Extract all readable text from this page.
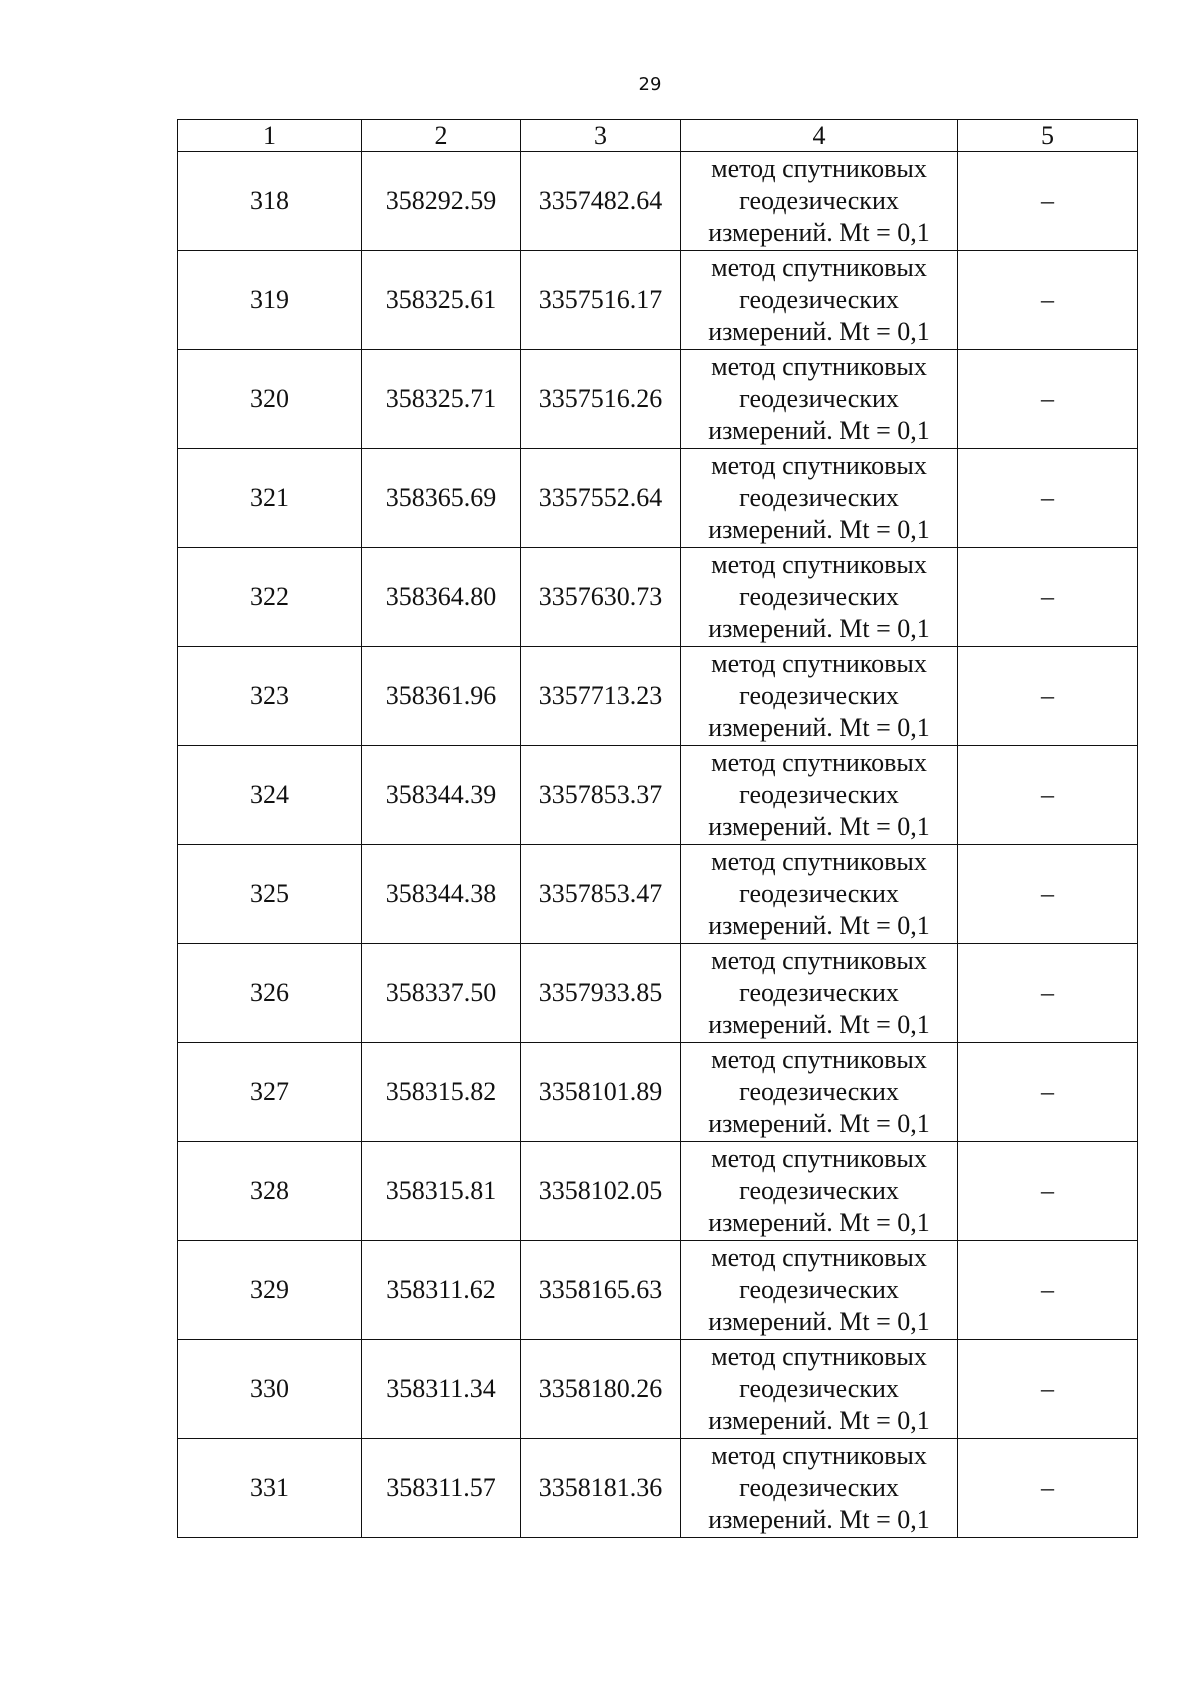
29
1	2	3	4	5
318	358292.59	3357482.64	метод спутниковых
геодезических
измерений. Mt = 0,1	–
319	358325.61	3357516.17	метод спутниковых
геодезических
измерений. Mt = 0,1	–
320	358325.71	3357516.26	метод спутниковых
геодезических
измерений. Mt = 0,1	–
321	358365.69	3357552.64	метод спутниковых
геодезических
измерений. Mt = 0,1	–
322	358364.80	3357630.73	метод спутниковых
геодезических
измерений. Mt = 0,1	–
323	358361.96	3357713.23	метод спутниковых
геодезических
измерений. Mt = 0,1	–
324	358344.39	3357853.37	метод спутниковых
геодезических
измерений. Mt = 0,1	–
325	358344.38	3357853.47	метод спутниковых
геодезических
измерений. Mt = 0,1	–
326	358337.50	3357933.85	метод спутниковых
геодезических
измерений. Mt = 0,1	–
327	358315.82	3358101.89	метод спутниковых
геодезических
измерений. Mt = 0,1	–
328	358315.81	3358102.05	метод спутниковых
геодезических
измерений. Mt = 0,1	–
329	358311.62	3358165.63	метод спутниковых
геодезических
измерений. Mt = 0,1	–
330	358311.34	3358180.26	метод спутниковых
геодезических
измерений. Mt = 0,1	–
331	358311.57	3358181.36	метод спутниковых
геодезических
измерений. Mt = 0,1	–
